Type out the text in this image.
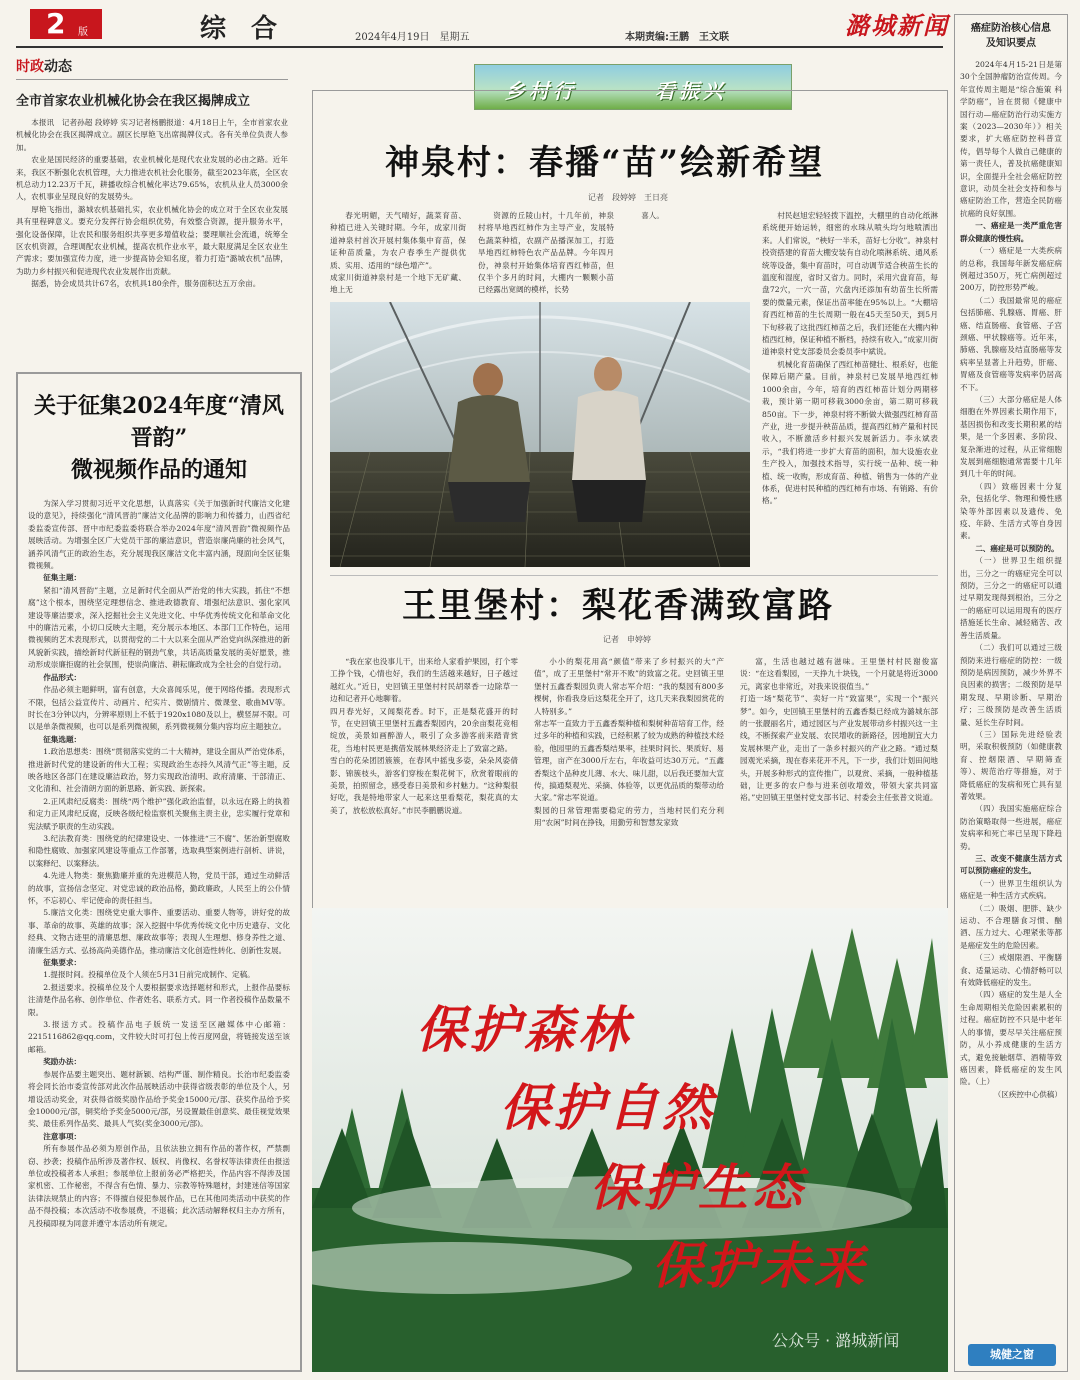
2 版	综 合	2024年4月19日　星期五	本期责编:王鹏　王文联	潞城新闻
时政动态
全市首家农业机械化协会在我区揭牌成立

本报讯　记者孙超 段婷婷 实习记者杨鹏报道：4月18日上午，全市首家农业机械化协会在我区揭牌成立。副区长厚艳飞出席揭牌仪式。各有关单位负责人参加。

农业是国民经济的重要基础，农业机械化是现代农业发展的必由之路。近年来，我区不断强化农机管理，大力推进农机社会化服务，截至2023年底，全区农机总动力12.23万千瓦，耕播收综合机械化率达79.65%，农机从业人员3000余人，农机事业呈现良好的发展势头。

厚艳飞指出，潞城农机基础扎实，农业机械化协会的成立对于全区农业发展具有里程碑意义。要充分发挥行协会组织优势，有效整合资源，提升服务水平，强化设备保障，让农民和服务组织共享更多增值收益；要理顺社会流通，统筹全区农机资源，合理调配农业机械，提高农机作业水平，最大限度满足全区农业生产需求；要加强宣传力度，进一步提高协会知名度，着力打造“潞城农机”品牌，为助力乡村振兴和促进现代农业发展作出贡献。

据悉，协会成员共计67名，农机具180余件，服务面积达五万余亩。

关于征集2024年度“清风晋韵”
微视频作品的通知

为深入学习贯彻习近平文化思想，认真落实《关于加强新时代廉洁文化建设的意见》，持续强化“清风晋韵”廉洁文化品牌的影响力和传播力，山西省纪委监委宣传部、晋中市纪委监委将联合举办2024年度“清风晋韵”微视频作品展映活动。为增强全区广大党员干部的廉洁意识，营造崇廉尚廉的社会风气，涵养风清气正的政治生态，充分展现我区廉洁文化丰富内涵，现面向全区征集微视频。

征集主题：

紧扣“清风晋韵”主题，立足新时代全面从严治党的伟大实践，抓住“不想腐”这个根本，围绕坚定理想信念、推进政德教育、增强纪法意识、强化家风建设等廉洁要求，深入挖掘社会主义先进文化、中华优秀传统文化和革命文化中的廉洁元素，小切口反映大主题，充分展示本地区、本部门工作特色，运用微视频的艺术表现形式，以贯彻党的二十大以来全面从严治党向纵深推进的新风貌新实践，描绘新时代新征程的钢劲气象，共话高质量发展的美好愿景，推动形成崇廉拒腐的社会氛围，使崇尚廉洁、耕耘廉政成为全社会的自觉行动。

作品形式：

作品必须主题鲜明，富有创意，大众喜闻乐见，便于网络传播。表现形式不限，包括公益宣传片、动画片、纪实片、微剧情片、微课堂、歌曲MV等。时长在3分钟以内，分辨率原则上不低于1920x1080及以上，横竖屏不限。可以是单条微视频，也可以是系列微视频，系列微视频分集内容均应主题独立。

征集选题：

1.政治思想类：围绕“贯彻落实党的二十大精神，建设全面从严治党体系，推进新时代党的建设新的伟大工程；实现政治生态持久风清气正”等主题，反映各地区各部门在建设廉洁政治，努力实现政治清明、政府清廉、干部清正、文化清和、社会清朗方面的新思路、新实践、新探索。

2.正风肃纪反腐类：围绕“两个维护”强化政治监督，以永远在路上的执着和定力正风肃纪反腐，反映各级纪检监察机关聚焦主责主业，忠实履行党章和宪法赋予职责的生动实践。

3.纪法教育类：围绕党的纪律建设史、一体推进“三不腐”、惩治新型腐败和隐性腐败、加强家风建设等重点工作部署，选取典型案例进行剖析、讲说，以案释纪、以案释法。

4.先进人物类：聚焦勤廉并重的先进模范人物，党员干部，通过生动鲜活的故事，宣扬信念坚定、对党忠诚的政治品格，勤政廉政，人民至上的公仆情怀，不忘初心、牢记使命的责任担当。

5.廉洁文化类：围绕党史重大事件、重要活动、重要人物等，讲好党的故事、革命的故事、英雄的故事；深入挖掘中华优秀传统文化中历史遗存、文化经典、文物古迹里的清廉思想、廉政故事等；表现人生理想、修身养性之道、清廉生活方式、弘扬高尚美德作品，推动廉洁文化创造性转化、创新性发展。

征集要求：

1.提报时间。投稿单位及个人须在5月31日前完成制作、定稿。

2.报送要求。投稿单位及个人要根据要求选择题材和形式，上报作品要标注清楚作品名称、创作单位、作者姓名、联系方式。同一作者投稿作品数量不限。

3.报送方式。投稿作品电子版统一发送至区融媒体中心邮箱：2215116862@qq.com，文件较大时可打包上传百度网盘，将链接发送至该邮箱。

奖励办法：

参展作品要主题突出、题材新颖、结构严谨、制作精良。长治市纪委监委将会同长治市委宣传部对此次作品展映活动中获得省级表彰的单位及个人，另增设活动奖金，对获得省级奖励作品给予奖金15000元/部、获奖作品给予奖金10000元/部，铜奖给予奖金5000元/部，另设置最佳创意奖、最佳视觉效果奖、最佳系列作品奖、最具人气奖(奖金3000元/部)。

注意事项：

所有参展作品必须为原创作品，且依法独立拥有作品的著作权，严禁剽窃、抄袭；投稿作品所涉及著作权、版权、肖像权、名誉权等法律责任由报送单位或投稿者本人承担；参展单位上报前务必严格把关，作品内容不得涉及国家机密、工作秘密，不得含有色情、暴力、宗教等特殊题材，封建迷信等国家法律法规禁止的内容；不得擅自侵犯参展作品，已在其他同类活动中获奖的作品不得投稿；本次活动不收参展费，不退稿；此次活动解释权归主办方所有，凡投稿即视为同意并遵守本活动所有规定。

乡村行	看振兴
神泉村：春播“苗”绘新希望
记者　段婷婷　王日亮

春光明媚，天气晴好，蔬菜育苗、种植已进入关键时期。今年，成家川街道神泉村首次开展村集体集中育苗，保证种苗质量，为农户春季生产提供优质、实用、适用的“绿色增产”。
成家川街道神泉村是一个地下无矿藏、地上无

资源的丘陵山村，十几年前，神泉村将旱地西红柿作为主导产业，发展特色蔬菜种植，农副产品播深加工，打造旱地西红柿特色农产品品牌。今年四月份，神泉村开始集体培育西红柿苗，但仅半个多月的时间，大棚内一颗颗小苗已经露出宽阔的模样，长势

喜人。	村民赵旭宏轻轻拨下温控，大棚里的自动化纸淋系统便开始运转，细密的水珠从喷头均匀地喷洒出来。人们常说，“秧好一半禾，苗好七分收”。神泉村投资搭建的育苗大棚安装有自动化喷淋系统、通风系统等设备，集中育苗时，可自动调节适合秧苗生长的温度和湿度，省时又省力。同时，采用穴盘育苗，每盘72穴，一穴一苗，穴盘内还添加有幼苗生长所需要的微量元素，保证出苗率能在95%以上。“大棚培育西红柿苗的生长周期一般在45天至50天，到5月下旬移栽了这批西红柿苗之后，我们还能在大棚内种植西红柿，保证种植不断档，持续有收入。”成家川街道神泉村党支部委员会委员李中斌说。

机械化育苗确保了西红柿苗健壮、根系好，也能保障后期产量。目前，神泉村已发展旱地西红柿1000余亩，今年，培育的西红柿苗计划分两期移栽，预计第一期可移栽3000余亩，第二期可移栽850亩。下一步，神泉村将不断做大做强西红柿育苗产业，进一步提升秧苗品质，提高西红柿产量和村民收入，不断激活乡村振兴发展新活力。李永斌表示，“我们将进一步扩大育苗的面积，加大设施农业生产投入，加强技术指导，实行统一品种、统一种植、统一收购，形成育苗、种植、销售为一体的产业体系，促进村民种植的西红柿有市场、有销路、有价格。”

王里堡村：梨花香满致富路
记者　申婷婷

“我在家也没事儿干，出来给人家看护果园，打个零工挣个钱，心情也好，我们的生活越来越好，日子越过越红火。”近日，史回镇王里堡村村民胡翠香一边除草一边和记者开心地聊着。
四月春光好，又闻梨花香。时下，正是梨花盛开的时节，在史回镇王里堡村五鑫香梨园内，20余亩梨花竞相绽放，美景如画醉游人，吸引了众多游客前来踏青赏花，当地村民更是携借发展林果经济走上了致富之路。
雪白的花朵团团簇簇，在春风中摇曳多姿，朵朵风姿倩影、锦簇枝头，游客们穿梭在梨花树下，欣赏着眼前的美景，拍照留念，感受春日美景和乡村魅力。“这种梨很好吃，我是特地带家人一起来这里看梨花，梨花真的太美了，放松放松真好。”市民李鹏鹏说道。

小小的梨花用高“颜值”带来了乡村振兴的大“产值”，成了王里堡村“常开不败”的致富之花。史回镇王里堡村五鑫香梨园负责人常志军介绍：“我的梨园有800多棵树，你看我身后这梨花全开了，这几天来我梨园赏花的人特别多。”
常志军一直致力于五鑫香梨种植和梨树种苗培育工作，经过多年的种植和实践，已经积累了较为成熟的种植技术经验，他园里的五鑫香梨结果率，挂果时间长、果质好、易管理，亩产在3000斤左右，年收益可达30万元。“五鑫香梨这个品种皮儿薄、水大、味儿甜，以后我还要加大宣传，搞通梨观光、采摘、体验等，以更优品质的梨带动给大家。”常志军说道。
梨园的日常管理需要稳定的劳力，当地村民们充分利用“农闲”时间在挣钱，用勤劳和智慧发家致

富，生活也越过越有滋味。王里堡村村民谢俊富说：“在这看梨园，一天挣九十块钱，一个月就是将近3000元，离家也非常近，对我来说很值当。”
打造一场“梨花节”、卖好一片“致富果”，实现一个“振兴梦”。如今，史回镇王里堡村的五鑫香梨已经成为潞城东部的一张靓丽名片，通过园区与产业发展带动乡村振兴这一主线，不断探索产业发展、农民增收的新路径，因地制宜大力发展林果产业，走出了一条乡村振兴的产业之路。“通过梨园观光采摘，现在春来花开不凡，下一步，我们计划田间地头，开展多种形式的宣传推广，以观赏、采摘，一般种植基础，让更多的农户参与进来创收增效，带领大家共同富裕。”史回镇王里堡村党支部书记、村委会主任张普文说道。

保护森林
保护自然
保护生态
保护未来
公众号 · 潞城新闻
癌症防治核心信息
及知识要点

2024年4月15-21日是第30个全国肿瘤防治宣传周。今年宣传周主题是“综合施策 科学防癌”，旨在贯彻《健康中国行动—癌症防治行动实施方案（2023—2030年）》相关要求，扩大癌症防控科普宣传，倡导每个人做自己健康的第一责任人，普及抗癌健康知识，全面提升全社会癌症防控意识，动员全社会支持和参与癌症防治工作，营造全民防癌抗癌的良好氛围。

一、癌症是一类严重危害群众健康的慢性病。

（一）癌症是一大类疾病的总称，我国每年新发癌症病例超过350万，死亡病例超过200万，防控形势严峻。

（二）我国最常见的癌症包括肺癌、乳腺癌、胃癌、肝癌、结直肠癌、食管癌、子宫颈癌、甲状腺癌等。近年来，肺癌、乳腺癌及结直肠癌等发病率呈显著上升趋势，肝癌、胃癌及食管癌等发病率仍居高不下。

（三）大部分癌症是人体细胞在外界因素长期作用下，基因损伤和改变长期积累的结果，是一个多因素、多阶段、复杂渐进的过程，从正常细胞发展到癌细胞通常需要十几年到几十年的时间。

（四）致癌因素十分复杂，包括化学、物理和慢性感染等外部因素以及遗传、免疫、年龄、生活方式等自身因素。

二、癌症是可以预防的。

（一）世界卫生组织提出，三分之一的癌症完全可以预防，三分之一的癌症可以通过早期发现得到根治，三分之一的癌症可以运用现有的医疗措施延长生命、减轻痛苦、改善生活质量。

（二）我们可以通过三级预防来进行癌症的防控：一级预防是病因预防，减少外界不良因素的损害；二级预防是早期发现、早期诊断、早期治疗；三级预防是改善生活质量、延长生存时间。

（三）国际先进经验表明，采取积极预防（如健康教育、控烟限酒、早期筛查等）、规范治疗等措施，对于降低癌症的发病和死亡具有显著效果。

（四）我国实施癌症综合防治策略取得一些进展，癌症发病率和死亡率已呈现下降趋势。

三、改变不健康生活方式可以预防癌症的发生。

（一）世界卫生组织认为癌症是一种生活方式疾病。

（二）吸烟、肥胖、缺少运动、不合理膳食习惯、酗酒、压力过大、心理紧张等都是癌症发生的危险因素。

（三）戒烟限酒、平衡膳食、适量运动、心情舒畅可以有效降低癌症的发生。

（四）癌症的发生是人全生命周期相关危险因素累积的过程。癌症防控不只是中老年人的事情，要尽早关注癌症预防，从小养成健康的生活方式，避免接触烟草、酒精等致癌因素，降低癌症的发生风险。（上）

（区疾控中心供稿）

城健之窗
